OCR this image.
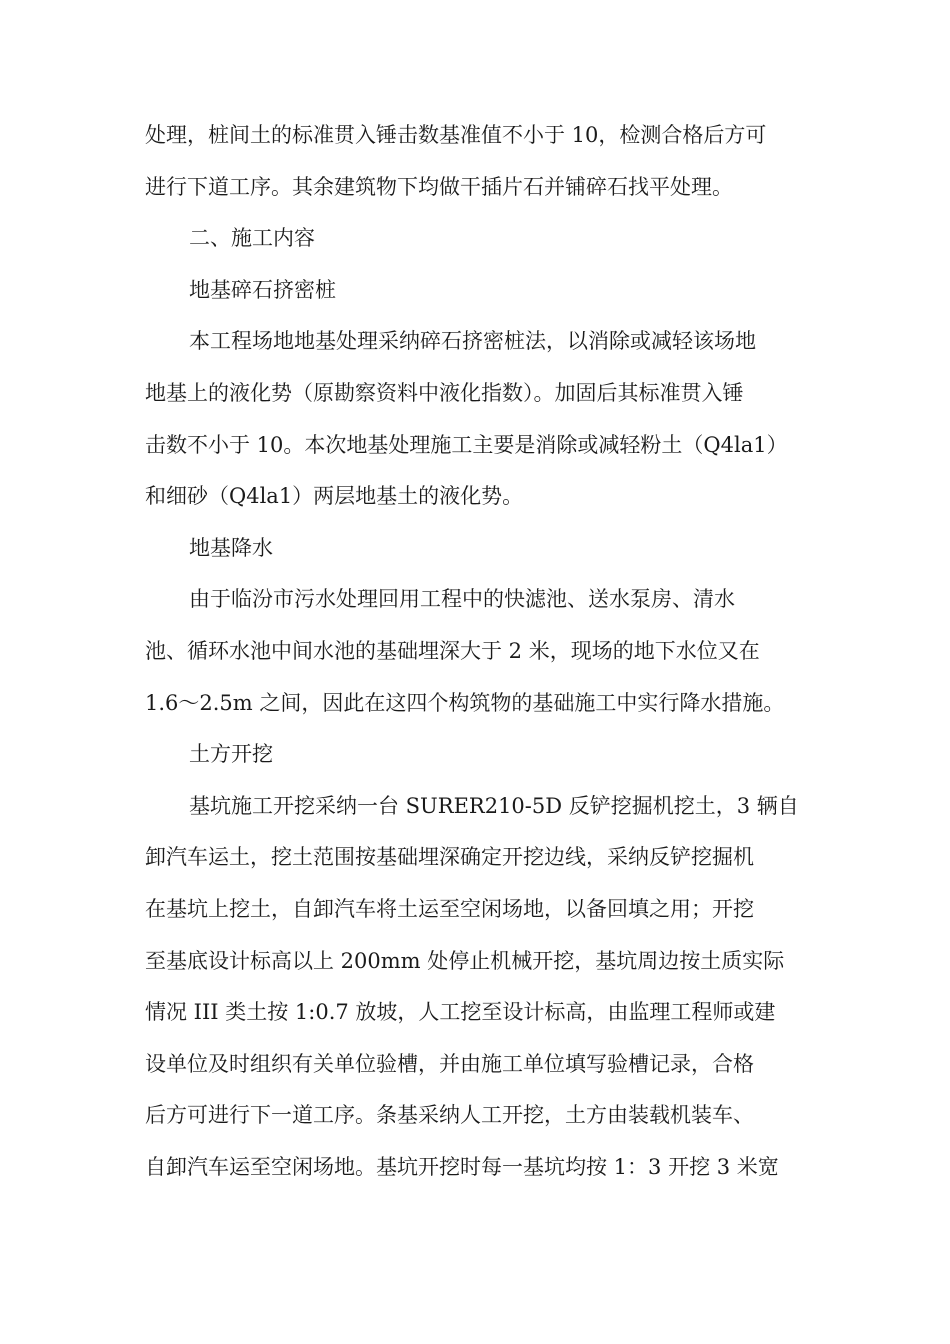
处理，桩间土的标准贯入锤击数基准值不小于 10，检测合格后方可
进行下道工序。其余建筑物下均做干插片石并铺碎石找平处理。
二、施工内容
地基碎石挤密桩
本工程场地地基处理采纳碎石挤密桩法，以消除或减轻该场地
地基上的液化势（原勘察资料中液化指数）。加固后其标准贯入锤
击数不小于 10。本次地基处理施工主要是消除或减轻粉土（Q4la1）
和细砂（Q4la1）两层地基土的液化势。
地基降水
由于临汾市污水处理回用工程中的快滤池、送水泵房、清水
池、循环水池中间水池的基础埋深大于 2 米，现场的地下水位又在
1.6～2.5m 之间，因此在这四个构筑物的基础施工中实行降水措施。
土方开挖
基坑施工开挖采纳一台 SURER210-5D 反铲挖掘机挖土，3 辆自
卸汽车运土，挖土范围按基础埋深确定开挖边线，采纳反铲挖掘机
在基坑上挖土，自卸汽车将土运至空闲场地，以备回填之用；开挖
至基底设计标高以上 200mm 处停止机械开挖，基坑周边按土质实际
情况 III 类土按 1:0.7 放坡，人工挖至设计标高，由监理工程师或建
设单位及时组织有关单位验槽，并由施工单位填写验槽记录，合格
后方可进行下一道工序。条基采纳人工开挖，土方由装载机装车、
自卸汽车运至空闲场地。基坑开挖时每一基坑均按 1：3 开挖 3 米宽
